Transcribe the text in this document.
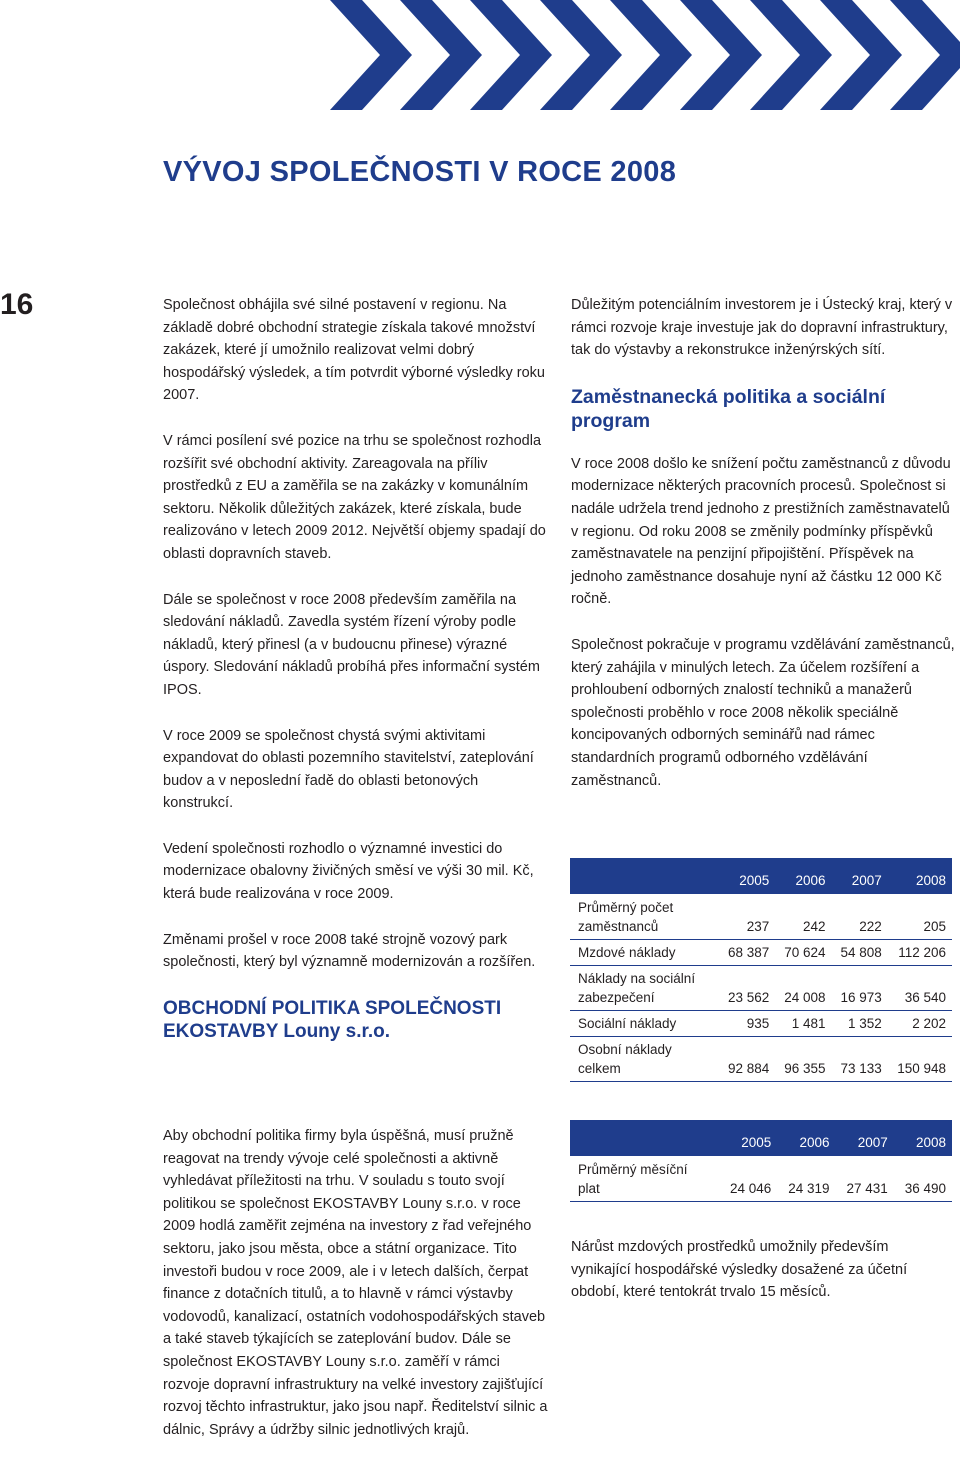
VÝVOJ SPOLEČNOSTI V ROCE 2008
16	Společnost obhájila své silné postavení v regionu. Na základě dobré obchodní strategie získala takové množství zakázek, které jí umožnilo realizovat velmi dobrý hospodářský výsledek, a tím potvrdit výborné výsledky roku 2007.

V rámci posílení své pozice na trhu se společnost rozhodla rozšířit své obchodní aktivity. Zareagovala na příliv prostředků z EU a zaměřila se na zakázky v komunálním sektoru. Několik důležitých zakázek, které získala, bude realizováno v letech 2009 2012. Největší objemy spadají do oblasti dopravních staveb.

Dále se společnost v roce 2008 především zaměřila na sledování nákladů. Zavedla systém řízení výroby podle nákladů, který přinesl (a v budoucnu přinese) výrazné úspory. Sledování nákladů probíhá přes informační systém IPOS.

V roce 2009 se společnost chystá svými aktivitami expandovat do oblasti pozemního stavitelství, zateplování budov a v neposlední řadě do oblasti betonových konstrukcí.

Vedení společnosti rozhodlo o významné investici do modernizace obalovny živičných směsí ve výši 30 mil. Kč, která bude realizována v roce 2009.

Změnami prošel v roce 2008 také strojně vozový park společnosti, který byl významně modernizován a rozšířen.

OBCHODNÍ POLITIKA SPOLEČNOSTI EKOSTAVBY Louny s.r.o.

Důležitým potenciálním investorem je i Ústecký kraj, který v rámci rozvoje kraje investuje jak do dopravní infrastruktury, tak do výstavby a rekonstrukce inženýrských sítí.

Zaměstnanecká politika a sociální program

V roce 2008 došlo ke snížení počtu zaměstnanců z důvodu modernizace některých pracovních procesů. Společnost si nadále udržela trend jednoho z prestižních zaměstnavatelů v regionu. Od roku 2008 se změnily podmínky příspěvků zaměstnavatele na penzijní připojištění. Příspěvek na jednoho zaměstnance dosahuje nyní až částku 12 000 Kč ročně.

Společnost pokračuje v programu vzdělávání zaměstnanců, který zahájila v minulých letech. Za účelem rozšíření a prohloubení odborných znalostí techniků a manažerů společnosti proběhlo v roce 2008 několik speciálně koncipovaných odborných seminářů nad rámec standardních programů odborného vzdělávání zaměstnanců.

	2005	2006	2007	2008
Průměrný počet zaměstnanců	237	242	222	205
Mzdové náklady	68 387	70 624	54 808	112 206
Náklady na sociální zabezpečení	23 562	24 008	16 973	36 540
Sociální náklady	935	1 481	1 352	2 202
Osobní náklady celkem	92 884	96 355	73 133	150 948

Aby obchodní politika firmy byla úspěšná, musí pružně reagovat na trendy vývoje celé společnosti a aktivně vyhledávat příležitosti na trhu. V souladu s touto svojí politikou se společnost EKOSTAVBY Louny s.r.o. v roce 2009 hodlá zaměřit zejména na investory z řad veřejného sektoru, jako jsou města, obce a státní organizace. Tito investoři budou v roce 2009, ale i v letech dalších, čerpat finance z dotačních titulů, a to hlavně v rámci výstavby vodovodů, kanalizací, ostatních vodohospodářských staveb a také staveb týkajících se zateplování budov. Dále se společnost EKOSTAVBY Louny s.r.o. zaměří v rámci rozvoje dopravní infrastruktury na velké investory zajišťující rozvoj těchto infrastruktur, jako jsou např. Ředitelství silnic a dálnic, Správy a údržby silnic jednotlivých krajů.

	2005	2006	2007	2008
Průměrný měsíční plat	24 046	24 319	27 431	36 490

Nárůst mzdových prostředků umožnily především vynikající hospodářské výsledky dosažené za účetní období, které tentokrát trvalo 15 měsíců.
